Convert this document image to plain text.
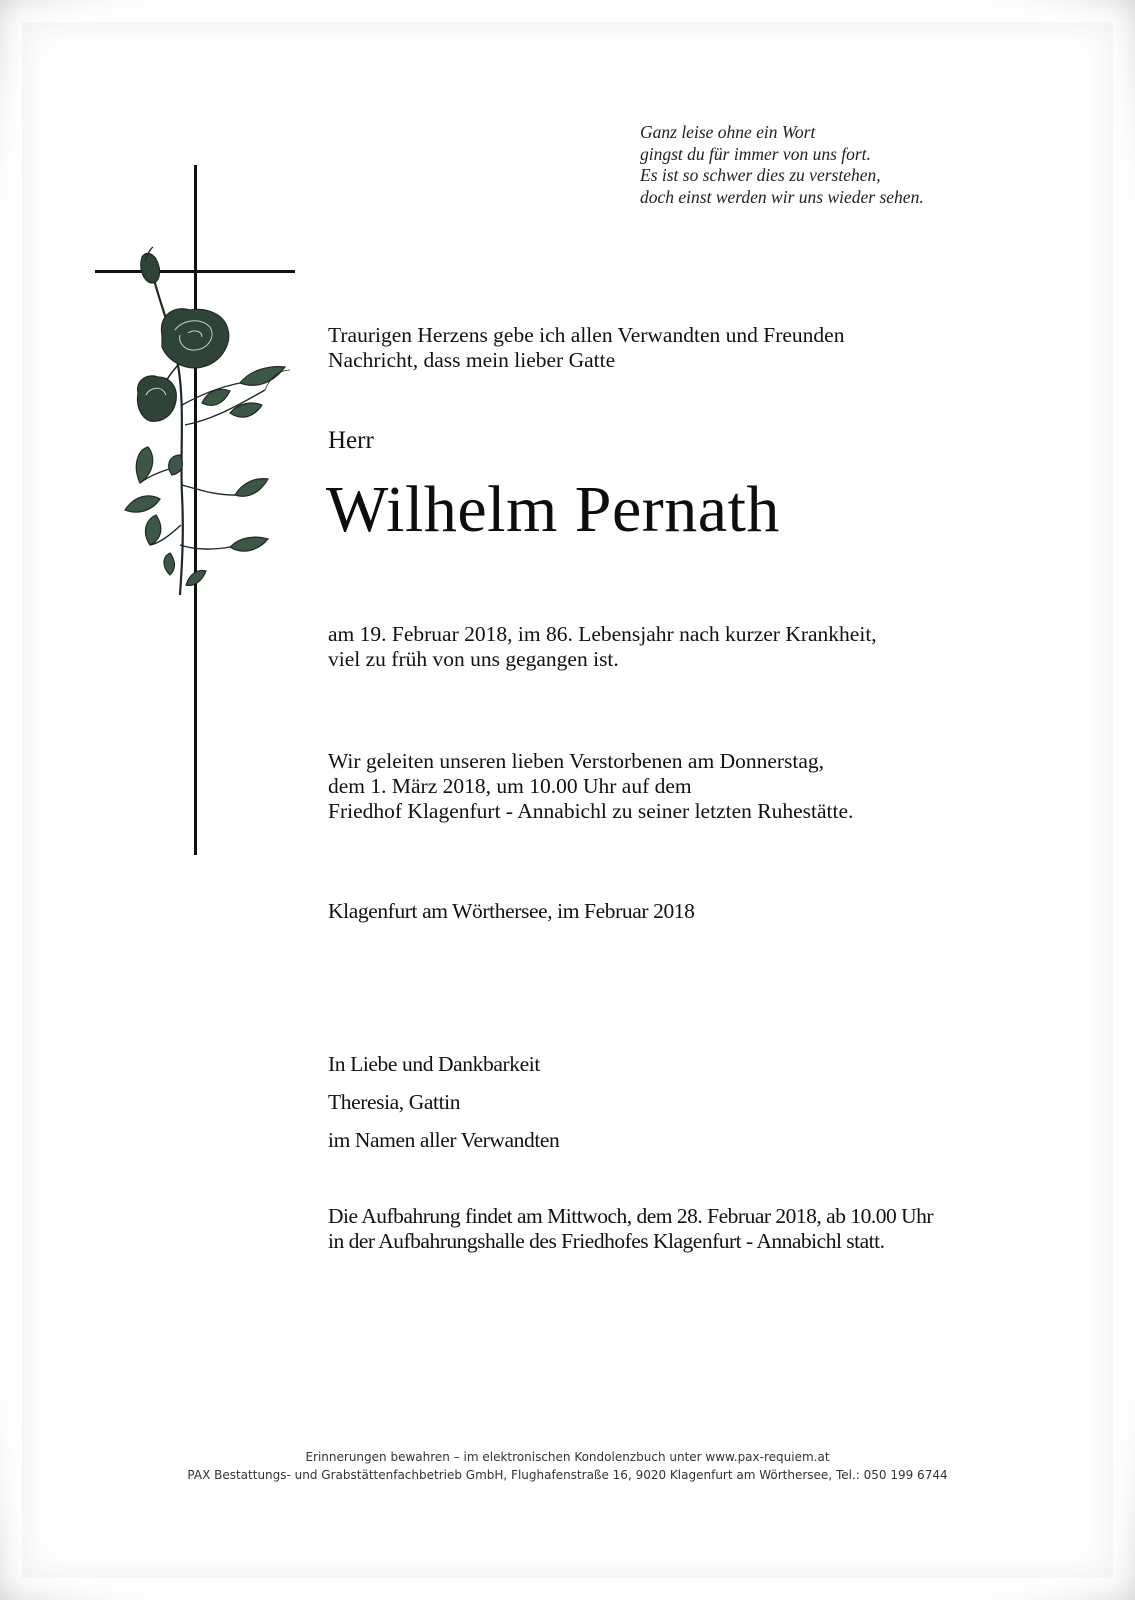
Ganz leise ohne ein Wort
gingst du für immer von uns fort.
Es ist so schwer dies zu verstehen,
doch einst werden wir uns wieder sehen.
Traurigen Herzens gebe ich allen Verwandten und Freunden
Nachricht, dass mein lieber Gatte
Herr
Wilhelm Pernath
am 19. Februar 2018, im 86. Lebensjahr nach kurzer Krankheit,
viel zu früh von uns gegangen ist.
Wir geleiten unseren lieben Verstorbenen am Donnerstag,
dem 1. März 2018, um 10.00 Uhr auf dem
Friedhof Klagenfurt - Annabichl zu seiner letzten Ruhestätte.
Klagenfurt am Wörthersee, im Februar 2018
In Liebe und Dankbarkeit
Theresia, Gattin
im Namen aller Verwandten
Die Aufbahrung findet am Mittwoch, dem 28. Februar 2018, ab 10.00 Uhr
in der Aufbahrungshalle des Friedhofes Klagenfurt - Annabichl statt.
Erinnerungen bewahren – im elektronischen Kondolenzbuch unter www.pax-requiem.at
PAX Bestattungs- und Grabstättenfachbetrieb GmbH, Flughafenstraße 16, 9020 Klagenfurt am Wörthersee, Tel.: 050 199 6744
